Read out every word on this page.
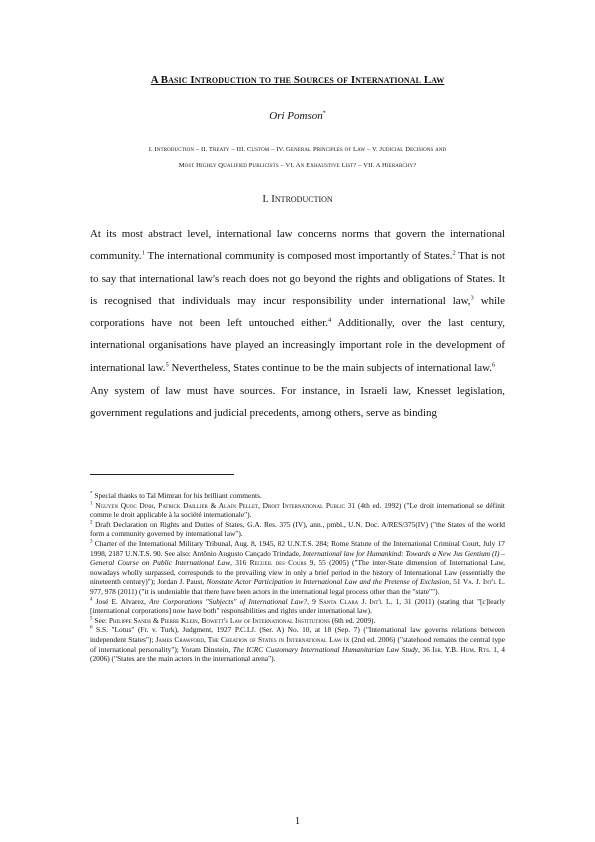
A Basic Introduction to the Sources of International Law
Ori Pomson*
I. Introduction – II. Treaty – III. Custom – IV. General Principles of Law – V. Judicial Decisions and
Most Highly Qualified Publicists – VI. An Exhaustive List? – VII. A Hierarchy?
I. Introduction

At its most abstract level, international law concerns norms that govern the international community.$^1$ The international community is composed most importantly of States.$^2$ That is not to say that international law's reach does not go beyond the rights and obligations of States. It is recognised that individuals may incur responsibility under international law,$^3$ while corporations have not been left untouched either.$^4$ Additionally, over the last century, international organisations have played an increasingly important role in the development of international law.$^5$ Nevertheless, States continue to be the main subjects of international law.$^6$

Any system of law must have sources. For instance, in Israeli law, Knesset legislation, government regulations and judicial precedents, among others, serve as binding

* Special thanks to Tal Mimran for his brilliant comments.

$^1$ Nguyen Quoc Dinh, Patrick Daillier & Alain Pellet, Droit International Public 31 (4th ed. 1992) ("Le droit international se définit comme le droit applicable à la société internationale").

$^2$ Draft Declaration on Rights and Duties of States, G.A. Res. 375 (IV), ann., pmbl., U.N. Doc. A/RES/375(IV) ("the States of the world form a community governed by international law").

$^3$ Charter of the International Military Tribunal, Aug. 8, 1945, 82 U.N.T.S. 284; Rome Statute of the International Criminal Court, July 17 1998, 2187 U.N.T.S. 90. See also: Antônio Augusto Cançado Trindade, International law for Humankind: Towards a New Jus Gentium (I) – General Course on Public International Law, 316 Recueil des Cours 9, 55 (2005) ("The inter-State dimension of International Law, nowadays wholly surpassed, corresponds to the prevailing view in only a brief period in the history of International Law (essentially the nineteenth century)"); Jordan J. Paust, Nonstate Actor Participation in International Law and the Pretense of Exclusion, 51 Va. J. Int'l L. 977, 978 (2011) ("it is undeniable that there have been actors in the international legal process other than the "state"").

$^4$ José E. Alvarez, Are Corporations "Subjects" of International Law?, 9 Santa Clara J. Int'l L. 1, 31 (2011) (stating that "[c]learly [international corporations] now have both" responsibilities and rights under international law).

$^5$ See: Philippe Sands & Pierre Klein, Bowett's Law of International Institutions (6th ed. 2009).

$^6$ S.S. "Lotus" (Fr. v. Turk), Judgment, 1927 P.C.I.J. (Ser. A) No. 10, at 18 (Sep. 7) ("International law governs relations between independent States"); James Crawford, The Creation of States in International Law ix (2nd ed. 2006) ("statehood remains the central type of international personality"); Yoram Dinstein, The ICRC Customary International Humanitarian Law Study, 36 Isr. Y.B. Hum. Rts. 1, 4 (2006) ("States are the main actors in the international arena").

1
